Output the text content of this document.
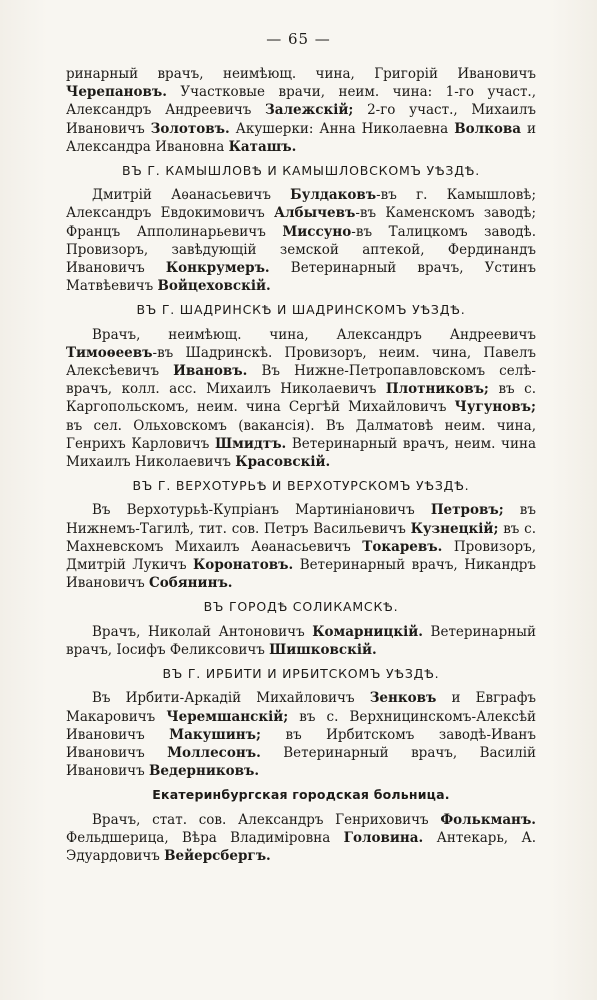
— 65 —

ринарный врачъ, неимѣющ. чина, Григорій Ивановичъ Черепановъ. Участковые врачи, неим. чина: 1-го участ., Александръ Андреевичъ Залежскій; 2-го участ., Михаилъ Ивановичъ Золотовъ. Акушерки: Анна Николаевна Волкова и Александра Ивановна Каташъ.

ВЪ Г. КАМЫШЛОВѢ И КАМЫШЛОВСКОМЪ УѢЗДѢ.

Дмитрій Аѳанасьевичъ Булдаковъ-въ г. Камышловѣ; Александръ Евдокимовичъ Албычевъ-въ Каменскомъ заводѣ; Францъ Апполинарьевичъ Миссуно-въ Талицкомъ заводѣ. Провизоръ, завѣдующій земской аптекой, Фердинандъ Ивановичъ Конкрумеръ. Ветеринарный врачъ, Устинъ Матвѣевичъ Войцеховскій.

ВЪ Г. ШАДРИНСКѢ И ШАДРИНСКОМЪ УѢЗДѢ.

Врачъ, неимѣющ. чина, Александръ Андреевичъ Тимоѳеевъ-въ Шадринскѣ. Провизоръ, неим. чина, Павелъ Алексѣевичъ Ивановъ. Въ Нижне-Петропавловскомъ селѣ-врачъ, колл. асс. Михаилъ Николаевичъ Плотниковъ; въ с. Каргопольскомъ, неим. чина Сергѣй Михайловичъ Чугуновъ; въ сел. Ольховскомъ (вакансія). Въ Далматовѣ неим. чина, Генрихъ Карловичъ Шмидтъ. Ветеринарный врачъ, неим. чина Михаилъ Николаевичъ Красовскій.

ВЪ Г. ВЕРХОТУРЬѢ И ВЕРХОТУРСКОМЪ УѢЗДѢ.

Въ Верхотурьѣ-Купріанъ Мартиніановичъ Петровъ; въ Нижнемъ-Тагилѣ, тит. сов. Петръ Васильевичъ Кузнецкій; въ с. Махневскомъ Михаилъ Аѳанасьевичъ Токаревъ. Провизоръ, Дмитрій Лукичъ Коронатовъ. Ветеринарный врачъ, Никандръ Ивановичъ Собянинъ.

ВЪ ГОРОДѢ СОЛИКАМСКѢ.

Врачъ, Николай Антоновичъ Комарницкій. Ветеринарный врачъ, Іосифъ Феликсовичъ Шишковскій.

ВЪ Г. ИРБИТИ И ИРБИТСКОМЪ УѢЗДѢ.

Въ Ирбити-Аркадій Михайловичъ Зенковъ и Евграфъ Макаровичъ Черемшанскій; въ с. Верхницинскомъ-Алексѣй Ивановичъ Макушинъ; въ Ирбитскомъ заводѣ-Иванъ Ивановичъ Моллесонъ. Ветеринарный врачъ, Василій Ивановичъ Ведерниковъ.

Екатеринбургская городская больница.

Врачъ, стат. сов. Александръ Генриховичъ Фолькманъ. Фельдшерица, Вѣра Владиміровна Головина. Антекарь, А. Эдуардовичъ Вейерсбергъ.
